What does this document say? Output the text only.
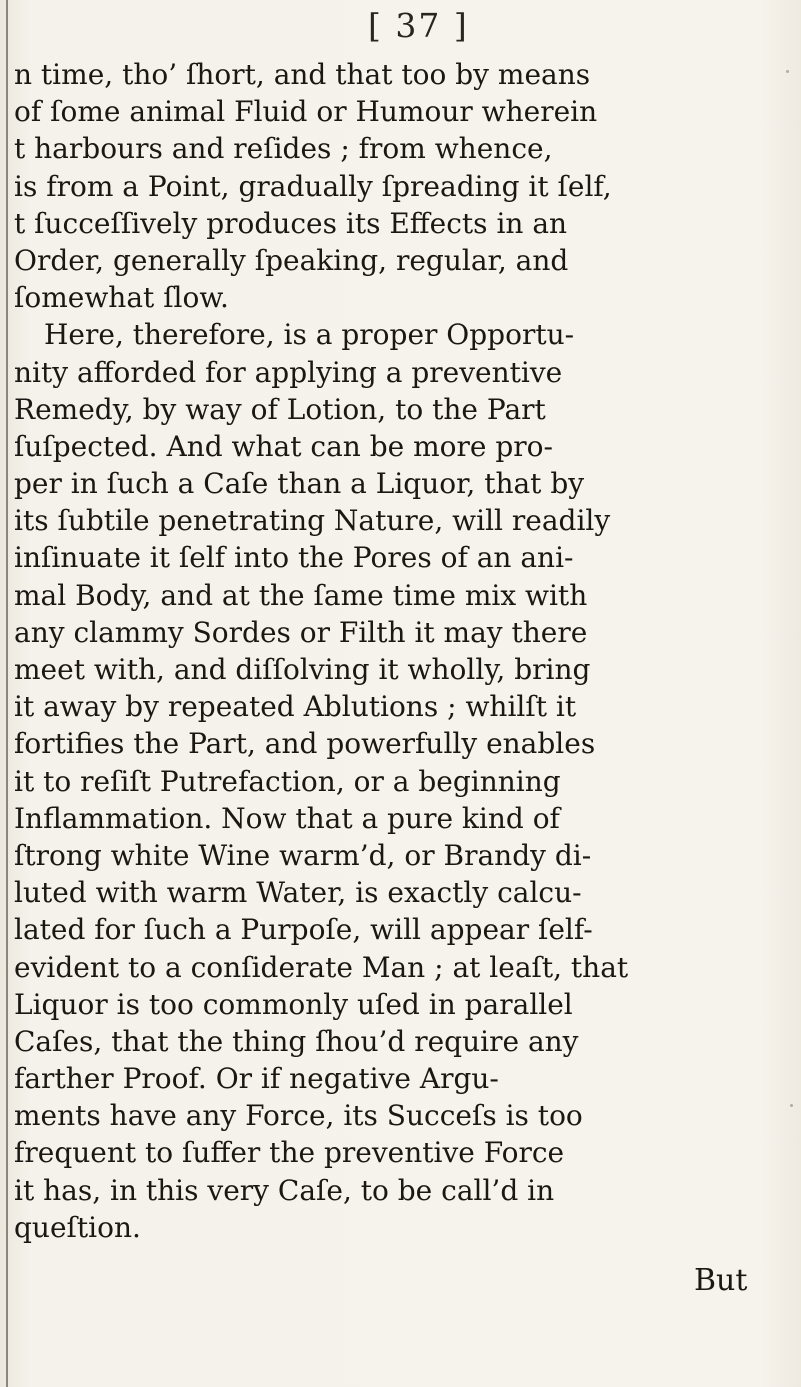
[ 37 ]
n time, tho’ ſhort, and that too by means
of ſome animal Fluid or Humour wherein
t harbours and reſides ; from whence,
is from a Point, gradually ſpreading it ſelf,
t ſucceſſively produces its Effects in an
Order, generally ſpeaking, regular, and
ſomewhat ſlow.
Here, therefore, is a proper Opportu-
nity afforded for applying a preventive
Remedy, by way of Lotion, to the Part
ſuſpected. And what can be more pro-
per in ſuch a Caſe than a Liquor, that by
its ſubtile penetrating Nature, will readily
inſinuate it ſelf into the Pores of an ani-
mal Body, and at the ſame time mix with
any clammy Sordes or Filth it may there
meet with, and diſſolving it wholly, bring
it away by repeated Ablutions ; whilſt it
fortifies the Part, and powerfully enables
it to reſiſt Putrefaction, or a beginning
Inflammation. Now that a pure kind of
ſtrong white Wine warm’d, or Brandy di-
luted with warm Water, is exactly calcu-
lated for ſuch a Purpoſe, will appear ſelf-
evident to a conſiderate Man ; at leaſt, that
Liquor is too commonly uſed in parallel
Caſes, that the thing ſhou’d require any
farther Proof. Or if negative Argu-
ments have any Force, its Succeſs is too
frequent to ſuffer the preventive Force
it has, in this very Caſe, to be call’d in
queſtion.
But
